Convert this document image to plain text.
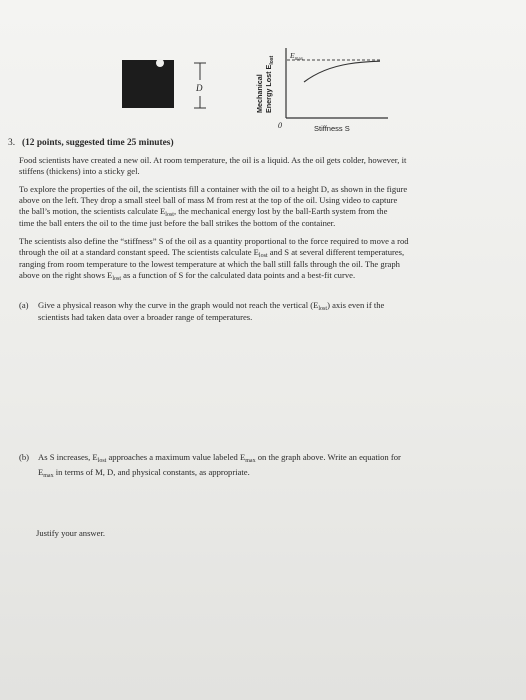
D
$E_{max}$
0	Stiffness S
Mechanical Energy Lost $E_{lost}$
3. (12 points, suggested time 25 minutes)
Food scientists have created a new oil. At room temperature, the oil is a liquid. As the oil gets colder, however, it
stiffens (thickens) into a sticky gel.
To explore the properties of the oil, the scientists fill a container with the oil to a height D, as shown in the figure
above on the left. They drop a small steel ball of mass M from rest at the top of the oil. Using video to capture
the ball’s motion, the scientists calculate $E_{lost}$, the mechanical energy lost by the ball-Earth system from the
time the ball enters the oil to the time just before the ball strikes the bottom of the container.
The scientists also define the “stiffness” S of the oil as a quantity proportional to the force required to move a rod
through the oil at a standard constant speed. The scientists calculate $E_{lost}$ and S at several different temperatures,
ranging from room temperature to the lowest temperature at which the ball still falls through the oil. The graph
above on the right shows $E_{lost}$ as a function of S for the calculated data points and a best-fit curve.
(a) Give a physical reason why the curve in the graph would not reach the vertical $(E_{lost})$ axis even if the
scientists had taken data over a broader range of temperatures.
(b) As S increases, $E_{lost}$ approaches a maximum value labeled $E_{max}$ on the graph above. Write an equation for
$E_{max}$ in terms of M, D, and physical constants, as appropriate.
Justify your answer.
